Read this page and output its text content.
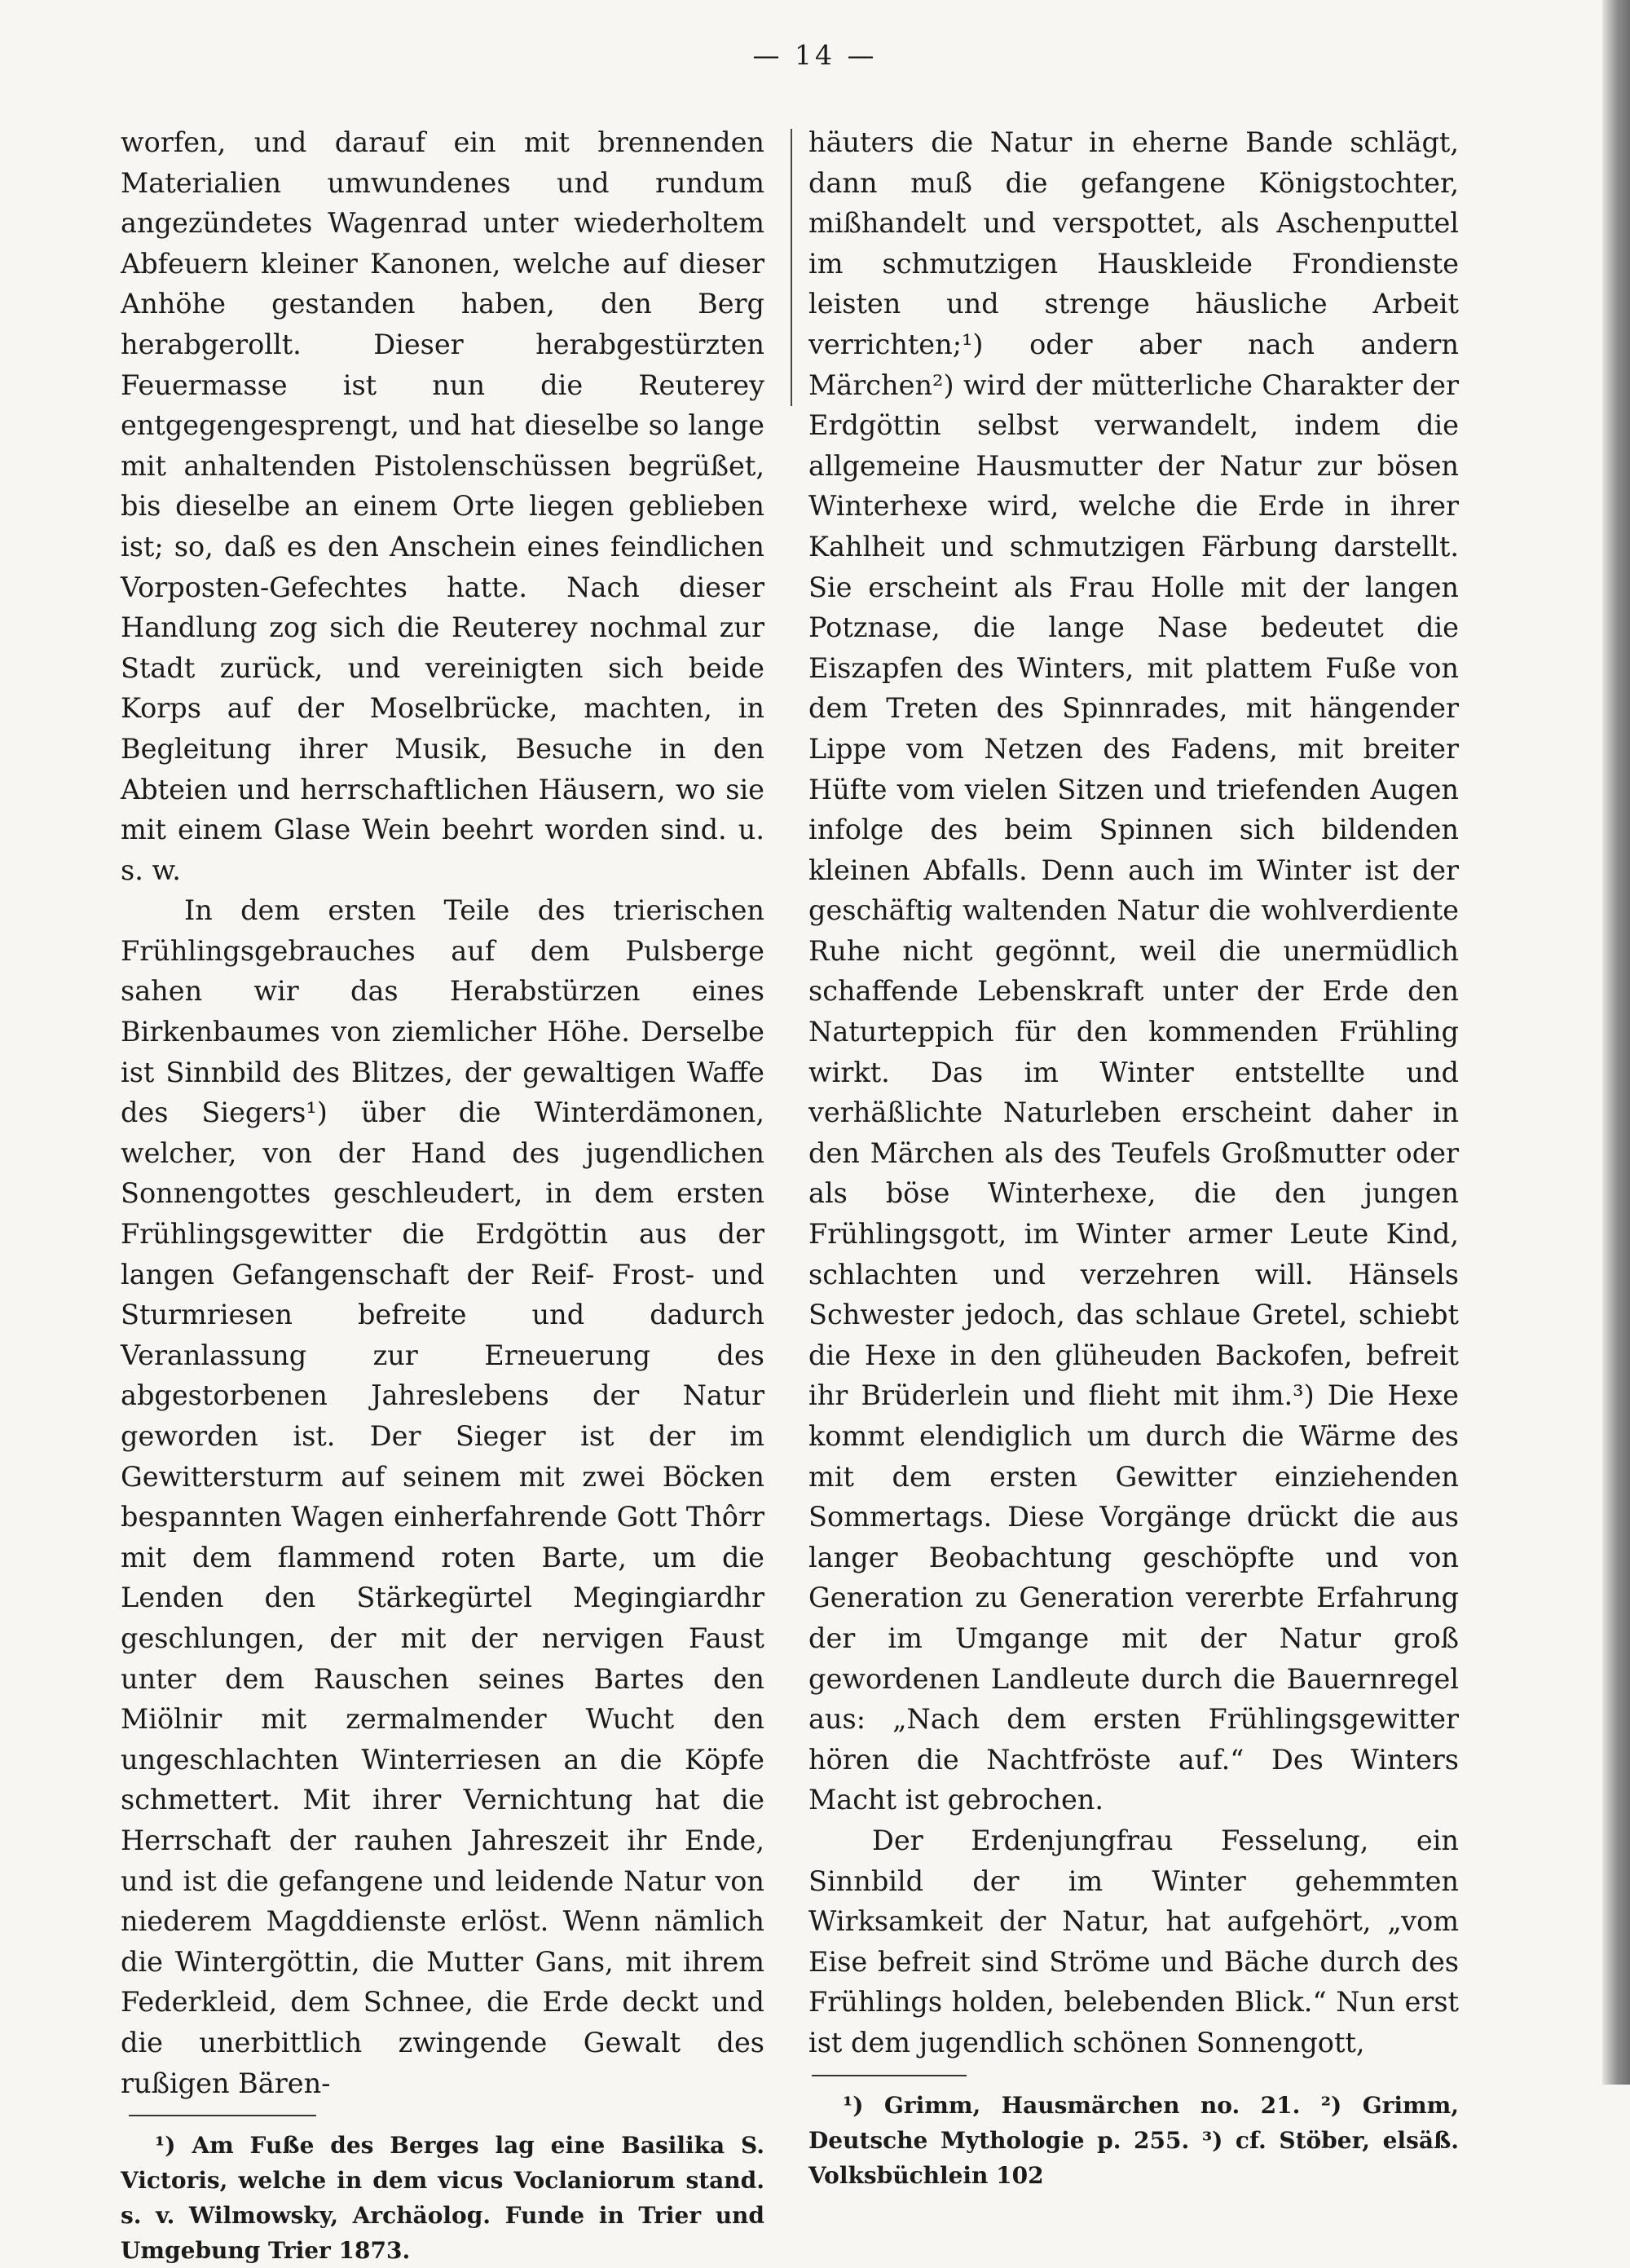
— 14 —

worfen, und darauf ein mit brennenden Materialien umwundenes und rundum angezündetes Wagenrad unter wiederholtem Abfeuern kleiner Kanonen, welche auf dieser Anhöhe gestanden haben, den Berg herabgerollt. Dieser herabgestürzten Feuermasse ist nun die Reuterey entgegengesprengt, und hat dieselbe so lange mit anhaltenden Pistolenschüssen begrüßet, bis dieselbe an einem Orte liegen geblieben ist; so, daß es den Anschein eines feindlichen Vorposten-Gefechtes hatte. Nach dieser Handlung zog sich die Reuterey nochmal zur Stadt zurück, und vereinigten sich beide Korps auf der Moselbrücke, machten, in Begleitung ihrer Musik, Besuche in den Abteien und herrschaftlichen Häusern, wo sie mit einem Glase Wein beehrt worden sind. u. s. w.

In dem ersten Teile des trierischen Frühlingsgebrauches auf dem Pulsberge sahen wir das Herabstürzen eines Birkenbaumes von ziemlicher Höhe. Derselbe ist Sinnbild des Blitzes, der gewaltigen Waffe des Siegers¹) über die Winterdämonen, welcher, von der Hand des jugendlichen Sonnengottes geschleudert, in dem ersten Frühlingsgewitter die Erdgöttin aus der langen Gefangenschaft der Reif- Frost- und Sturmriesen befreite und dadurch Veranlassung zur Erneuerung des abgestorbenen Jahreslebens der Natur geworden ist. Der Sieger ist der im Gewittersturm auf seinem mit zwei Böcken bespannten Wagen einherfahrende Gott Thôrr mit dem flammend roten Barte, um die Lenden den Stärkegürtel Megingiardhr geschlungen, der mit der nervigen Faust unter dem Rauschen seines Bartes den Miölnir mit zermalmender Wucht den ungeschlachten Winterriesen an die Köpfe schmettert. Mit ihrer Vernichtung hat die Herrschaft der rauhen Jahreszeit ihr Ende, und ist die gefangene und leidende Natur von niederem Magddienste erlöst. Wenn nämlich die Wintergöttin, die Mutter Gans, mit ihrem Federkleid, dem Schnee, die Erde deckt und die unerbittlich zwingende Gewalt des rußigen Bären-

¹) Am Fuße des Berges lag eine Basilika S. Victoris, welche in dem vicus Voclaniorum stand. s. v. Wilmowsky, Archäolog. Funde in Trier und Umgebung Trier 1873.

häuters die Natur in eherne Bande schlägt, dann muß die gefangene Königstochter, mißhandelt und verspottet, als Aschenputtel im schmutzigen Hauskleide Frondienste leisten und strenge häusliche Arbeit verrichten;¹) oder aber nach andern Märchen²) wird der mütterliche Charakter der Erdgöttin selbst verwandelt, indem die allgemeine Hausmutter der Natur zur bösen Winterhexe wird, welche die Erde in ihrer Kahlheit und schmutzigen Färbung darstellt. Sie erscheint als Frau Holle mit der langen Potznase, die lange Nase bedeutet die Eiszapfen des Winters, mit plattem Fuße von dem Treten des Spinnrades, mit hängender Lippe vom Netzen des Fadens, mit breiter Hüfte vom vielen Sitzen und triefenden Augen infolge des beim Spinnen sich bildenden kleinen Abfalls. Denn auch im Winter ist der geschäftig waltenden Natur die wohlverdiente Ruhe nicht gegönnt, weil die unermüdlich schaffende Lebenskraft unter der Erde den Naturteppich für den kommenden Frühling wirkt. Das im Winter entstellte und verhäßlichte Naturleben erscheint daher in den Märchen als des Teufels Großmutter oder als böse Winterhexe, die den jungen Frühlingsgott, im Winter armer Leute Kind, schlachten und verzehren will. Hänsels Schwester jedoch, das schlaue Gretel, schiebt die Hexe in den glüheuden Backofen, befreit ihr Brüderlein und flieht mit ihm.³) Die Hexe kommt elendiglich um durch die Wärme des mit dem ersten Gewitter einziehenden Sommertags. Diese Vorgänge drückt die aus langer Beobachtung geschöpfte und von Generation zu Generation vererbte Erfahrung der im Umgange mit der Natur groß gewordenen Landleute durch die Bauernregel aus: „Nach dem ersten Frühlingsgewitter hören die Nachtfröste auf.“ Des Winters Macht ist gebrochen.

Der Erdenjungfrau Fesselung, ein Sinnbild der im Winter gehemmten Wirksamkeit der Natur, hat aufgehört, „vom Eise befreit sind Ströme und Bäche durch des Frühlings holden, belebenden Blick.“ Nun erst ist dem jugendlich schönen Sonnengott,

¹) Grimm, Hausmärchen no. 21. ²) Grimm, Deutsche Mythologie p. 255. ³) cf. Stöber, elsäß. Volksbüchlein 102
